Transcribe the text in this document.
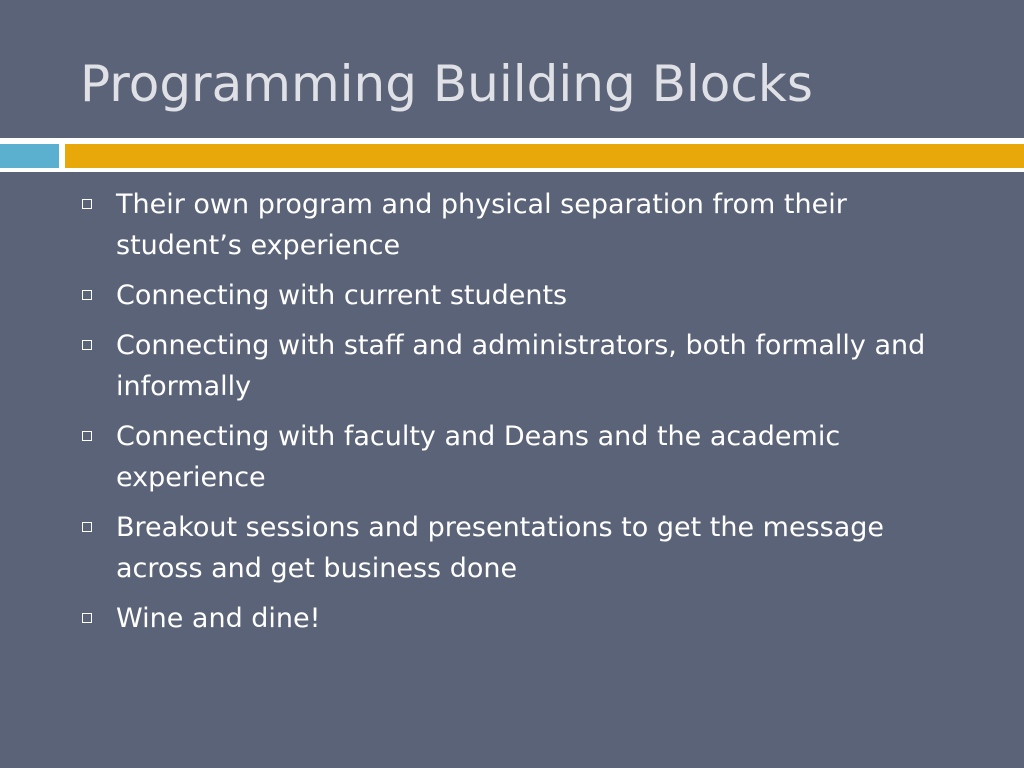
Programming Building Blocks
Their own program and physical separation from their student’s experience
Connecting with current students
Connecting with staff and administrators, both formally and informally
Connecting with faculty and Deans and the academic experience
Breakout sessions and presentations to get the message across and get business done
Wine and dine!
